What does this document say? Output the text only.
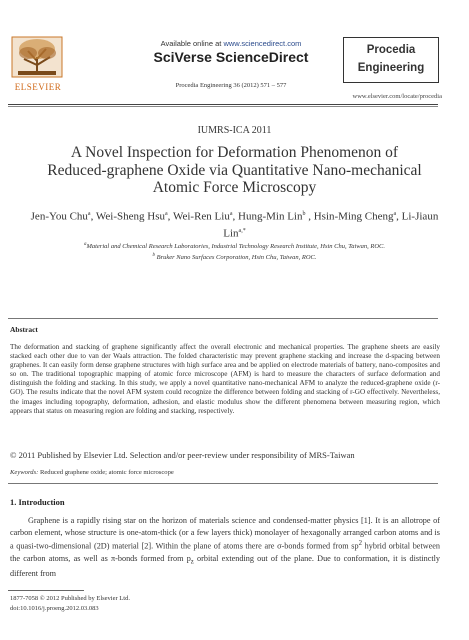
ELSEVIER
Available online at www.sciencedirect.com
SciVerse ScienceDirect
Procedia Engineering 36 (2012) 571 – 577
Procedia
Engineering
www.elsevier.com/locate/procedia
IUMRS-ICA 2011
A Novel Inspection for Deformation Phenomenon of
Reduced-graphene Oxide via Quantitative Nano-mechanical
Atomic Force Microscopy
Jen-You Chu$^a$, Wei-Sheng Hsu$^a$, Wei-Ren Liu$^a$, Hung-Min Lin$^b$ , Hsin-Ming Cheng$^a$, Li-Jiaun Lin$^{a,*}$
$^a$Material and Chemical Research Laboratories, Industrial Technology Research Institute, Hsin Chu, Taiwan, ROC.
$^b$ Bruker Nano Surfaces Corporation, Hsin Chu, Taiwan, ROC.
Abstract
The deformation and stacking of graphene significantly affect the overall electronic and mechanical properties. The graphene sheets are easily stacked each other due to van der Waals attraction. The folded characteristic may prevent graphene stacking and increase the d-spacing between graphenes. It can easily form dense graphene structures with high surface area and be applied on electrode materials of battery, nano-composites and so on. The traditional topographic mapping of atomic force microscope (AFM) is hard to measure the characters of surface deformation and distinguish the folding and stacking. In this study, we apply a novel quantitative nano-mechanical AFM to analyze the reduced-graphene oxide (r-GO). The results indicate that the novel AFM system could recognize the difference between folding and stacking of r-GO effectively. Nevertheless, the images including topography, deformation, adhesion, and elastic modulus show the different phenomena between measuring region, which appears that status on measuring region are folding and stacking, respectively.
© 2011 Published by Elsevier Ltd. Selection and/or peer-review under responsibility of MRS-Taiwan
Keywords: Reduced graphene oxide; atomic force microscope
1. Introduction
Graphene is a rapidly rising star on the horizon of materials science and condensed-matter physics [1]. It is an allotrope of carbon element, whose structure is one-atom-thick (or a few layers thick) monolayer of hexagonally arranged carbon atoms and is a quasi-two-dimensional (2D) material [2]. Within the plane of atoms there are σ-bonds formed from $sp^2$ hybrid orbital between the carbon atoms, as well as π-bonds formed from $p_z$ orbital extending out of the plane. Due to conformation, it is distinctly different from
1877-7058 © 2012 Published by Elsevier Ltd.
doi:10.1016/j.proeng.2012.03.083
